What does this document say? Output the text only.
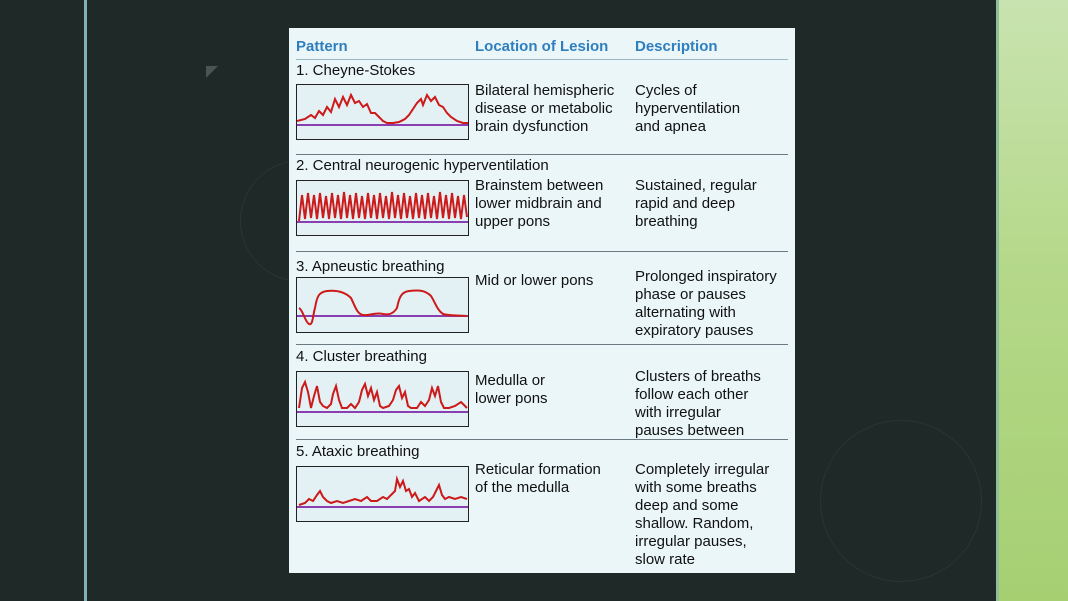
Pattern	Location of Lesion Description
1. Cheyne-Stokes
Bilateral hemispheric
disease or metabolic
brain dysfunction
Cycles of
hyperventilation
and apnea
2. Central neurogenic hyperventilation
Brainstem between
lower midbrain and
upper pons
Sustained, regular
rapid and deep
breathing
3. Apneustic breathing
Mid or lower pons	Prolonged inspiratory
phase or pauses
alternating with
expiratory pauses
4. Cluster breathing
Medulla or
lower pons
Clusters of breaths
follow each other
with irregular
pauses between
5. Ataxic breathing
Reticular formation
of the medulla
Completely irregular
with some breaths
deep and some
shallow. Random,
irregular pauses,
slow rate
